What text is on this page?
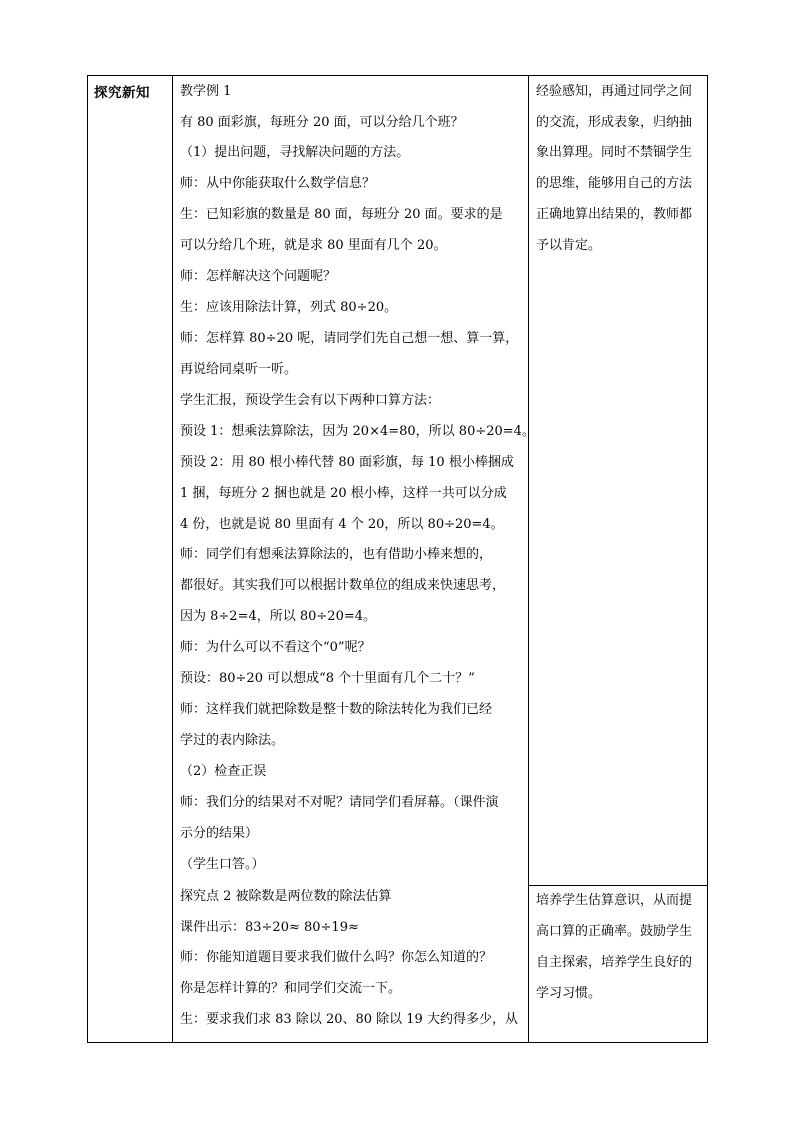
探究新知 教学例 1
有 80 面彩旗，每班分 20 面，可以分给几个班？
（1）提出问题，寻找解决问题的方法。
师：从中你能获取什么数学信息？
生：已知彩旗的数量是 80 面，每班分 20 面。要求的是
可以分给几个班，就是求 80 里面有几个 20。
师：怎样解决这个问题呢？
生：应该用除法计算，列式 80÷20。
师：怎样算 80÷20 呢，请同学们先自己想一想、算一算，
再说给同桌听一听。
学生汇报，预设学生会有以下两种口算方法：
预设 1：想乘法算除法，因为 20×4=80，所以 80÷20=4。
预设 2：用 80 根小棒代替 80 面彩旗，每 10 根小棒捆成
1 捆，每班分 2 捆也就是 20 根小棒，这样一共可以分成
4 份，也就是说 80 里面有 4 个 20，所以 80÷20=4。
师：同学们有想乘法算除法的，也有借助小棒来想的，
都很好。其实我们可以根据计数单位的组成来快速思考，
因为 8÷2=4，所以 80÷20=4。
师：为什么可以不看这个“0”呢？
预设：80÷20 可以想成“8 个十里面有几个二十？”
师：这样我们就把除数是整十数的除法转化为我们已经
学过的表内除法。
（2）检查正误
师：我们分的结果对不对呢？请同学们看屏幕。（课件演
示分的结果）
（学生口答。）
探究点 2 被除数是两位数的除法估算
课件出示：83÷20≈ 80÷19≈
师：你能知道题目要求我们做什么吗？你怎么知道的？
你是怎样计算的？和同学们交流一下。
生：要求我们求 83 除以 20、80 除以 19 大约得多少，从
经验感知，再通过同学之间
的交流，形成表象，归纳抽
象出算理。同时不禁锢学生
的思维，能够用自己的方法
正确地算出结果的，教师都
予以肯定。
培养学生估算意识，从而提
高口算的正确率。鼓励学生
自主探索，培养学生良好的
学习习惯。
